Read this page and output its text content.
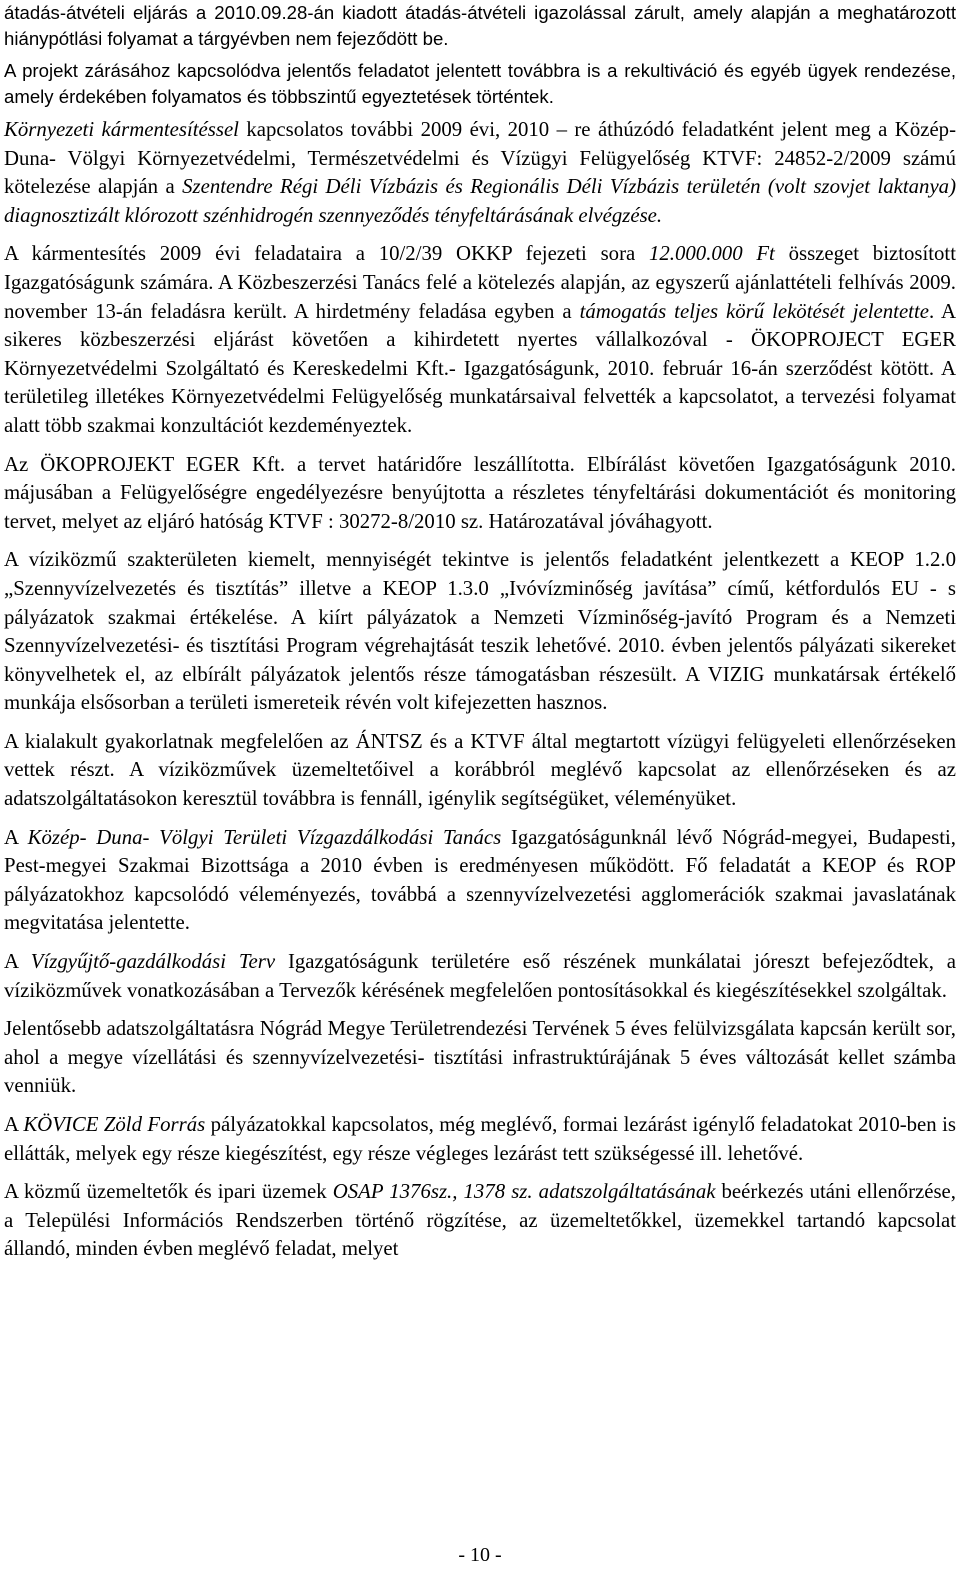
átadás-átvételi eljárás a 2010.09.28-án kiadott átadás-átvételi igazolással zárult, amely alapján a meghatározott hiánypótlási folyamat a tárgyévben nem fejeződött be.

A projekt zárásához kapcsolódva jelentős feladatot jelentett továbbra is a rekultiváció és egyéb ügyek rendezése, amely érdekében folyamatos és többszintű egyeztetések történtek.

Környezeti kármentesítéssel kapcsolatos további 2009 évi, 2010 – re áthúzódó feladatként jelent meg a Közép- Duna- Völgyi Környezetvédelmi, Természetvédelmi és Vízügyi Felügyelőség KTVF: 24852-2/2009 számú kötelezése alapján a Szentendre Régi Déli Vízbázis és Regionális Déli Vízbázis területén (volt szovjet laktanya) diagnosztizált klórozott szénhidrogén szennyeződés tényfeltárásának elvégzése.

A kármentesítés 2009 évi feladataira a 10/2/39 OKKP fejezeti sora 12.000.000 Ft összeget biztosított Igazgatóságunk számára. A Közbeszerzési Tanács felé a kötelezés alapján, az egyszerű ajánlattételi felhívás 2009. november 13-án feladásra került. A hirdetmény feladása egyben a támogatás teljes körű lekötését jelentette. A sikeres közbeszerzési eljárást követően a kihirdetett nyertes vállalkozóval - ÖKOPROJECT EGER Környezetvédelmi Szolgáltató és Kereskedelmi Kft.- Igazgatóságunk, 2010. február 16-án szerződést kötött. A területileg illetékes Környezetvédelmi Felügyelőség munkatársaival felvették a kapcsolatot, a tervezési folyamat alatt több szakmai konzultációt kezdeményeztek.

Az ÖKOPROJEKT EGER Kft. a tervet határidőre leszállította. Elbírálást követően Igazgatóságunk 2010. májusában a Felügyelőségre engedélyezésre benyújtotta a részletes tényfeltárási dokumentációt és monitoring tervet, melyet az eljáró hatóság KTVF : 30272-8/2010 sz. Határozatával jóváhagyott.

A víziközmű szakterületen kiemelt, mennyiségét tekintve is jelentős feladatként jelentkezett a KEOP 1.2.0 „Szennyvízelvezetés és tisztítás” illetve a KEOP 1.3.0 „Ivóvízminőség javítása” című, kétfordulós EU - s pályázatok szakmai értékelése. A kiírt pályázatok a Nemzeti Vízminőség-javító Program és a Nemzeti Szennyvízelvezetési- és tisztítási Program végrehajtását teszik lehetővé. 2010. évben jelentős pályázati sikereket könyvelhetek el, az elbírált pályázatok jelentős része támogatásban részesült. A VIZIG munkatársak értékelő munkája elsősorban a területi ismereteik révén volt kifejezetten hasznos.

A kialakult gyakorlatnak megfelelően az ÁNTSZ és a KTVF által megtartott vízügyi felügyeleti ellenőrzéseken vettek részt. A víziközművek üzemeltetőivel a korábbról meglévő kapcsolat az ellenőrzéseken és az adatszolgáltatásokon keresztül továbbra is fennáll, igénylik segítségüket, véleményüket.

A Közép- Duna- Völgyi Területi Vízgazdálkodási Tanács Igazgatóságunknál lévő Nógrád-megyei, Budapesti, Pest-megyei Szakmai Bizottsága a 2010 évben is eredményesen működött. Fő feladatát a KEOP és ROP pályázatokhoz kapcsolódó véleményezés, továbbá a szennyvízelvezetési agglomerációk szakmai javaslatának megvitatása jelentette.

A Vízgyűjtő-gazdálkodási Terv Igazgatóságunk területére eső részének munkálatai jóreszt befejeződtek, a víziközművek vonatkozásában a Tervezők kérésének megfelelően pontosításokkal és kiegészítésekkel szolgáltak.

Jelentősebb adatszolgáltatásra Nógrád Megye Területrendezési Tervének 5 éves felülvizsgálata kapcsán került sor, ahol a megye vízellátási és szennyvízelvezetési- tisztítási infrastruktúrájának 5 éves változását kellet számba venniük.

A KÖVICE Zöld Forrás pályázatokkal kapcsolatos, még meglévő, formai lezárást igénylő feladatokat 2010-ben is ellátták, melyek egy része kiegészítést, egy része végleges lezárást tett szükségessé ill. lehetővé.

A közmű üzemeltetők és ipari üzemek OSAP 1376sz., 1378 sz. adatszolgáltatásának beérkezés utáni ellenőrzése, a Települési Információs Rendszerben történő rögzítése, az üzemeltetőkkel, üzemekkel tartandó kapcsolat állandó, minden évben meglévő feladat, melyet

- 10 -
